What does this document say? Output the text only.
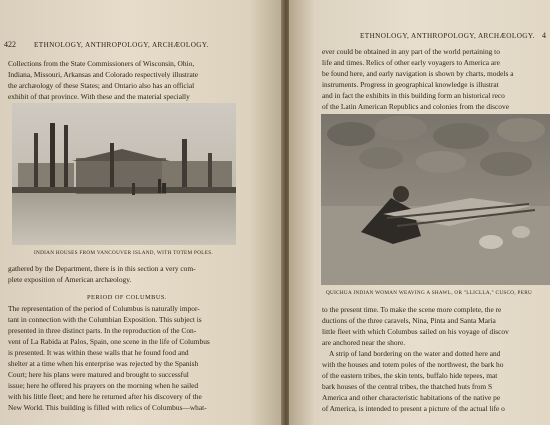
422	ETHNOLOGY, ANTHROPOLOGY, ARCHÆOLOGY.
Collections from the State Commissioners of Wisconsin, Ohio,
Indiana, Missouri, Arkansas and Colorado respectively illustrate
the archæology of these States; and Ontario also has an official
exhibit of that province. With these and the material specially
INDIAN HOUSES FROM VANCOUVER ISLAND, WITH TOTEM POLES.
gathered by the Department, there is in this section a very com-
plete exposition of American archæology.
PERIOD OF COLUMBUS.
The representation of the period of Columbus is naturally impor-
tant in connection with the Columbian Exposition. This subject is
presented in three distinct parts. In the reproduction of the Con-
vent of La Rabida at Palos, Spain, one scene in the life of Columbus
is presented. It was within these walls that he found food and
shelter at a time when his enterprise was rejected by the Spanish
Court; here his plans were matured and brought to successful
issue; here he offered his prayers on the morning when he sailed
with his little fleet; and here he returned after his discovery of the
New World. This building is filled with relics of Columbus—what-
ETHNOLOGY, ANTHROPOLOGY, ARCHÆOLOGY. 4
ever could be obtained in any part of the world pertaining to
life and times. Relics of other early voyagers to America are
be found here, and early navigation is shown by charts, models a
instruments. Progress in geographical knowledge is illustrat
and in fact the exhibits in this building form an historical reco
of the Latin American Republics and colonies from the discove
QUICHUA INDIAN WOMAN WEAVING A SHAWL, OR "LLICLLA," CUSCO, PERU
to the present time. To make the scene more complete, the re
ductions of the three caravels, Nina, Pinta and Santa Maria
little fleet with which Columbus sailed on his voyage of discov
are anchored near the shore.
A strip of land bordering on the water and dotted here and
with the houses and totem poles of the northwest, the bark ho
of the eastern tribes, the skin tents, buffalo hide tepees, mat
bark houses of the central tribes, the thatched huts from S
America and other characteristic habitations of the native pe
of America, is intended to present a picture of the actual life o
